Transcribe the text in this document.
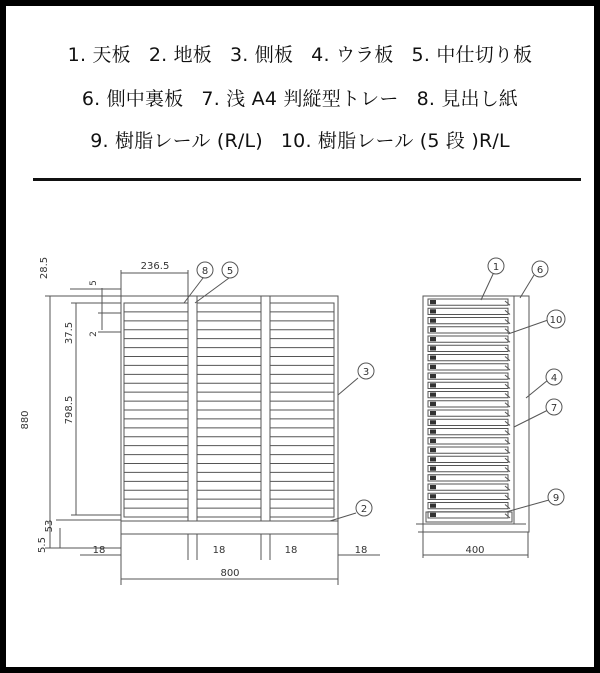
1. 天板 2. 地板 3. 側板 4. ウラ板 5. 中仕切り板
6. 側中裏板 7. 浅 A4 判縦型トレー 8. 見出し紙
9. 樹脂レール (R/L) 10. 樹脂レール (5 段 )R/L
8 5
3
2
880
28.5
798.5
53
5.5
37.5
5
2
236.5
18	18	18	18
800
1	6
10
4
7
9
400
